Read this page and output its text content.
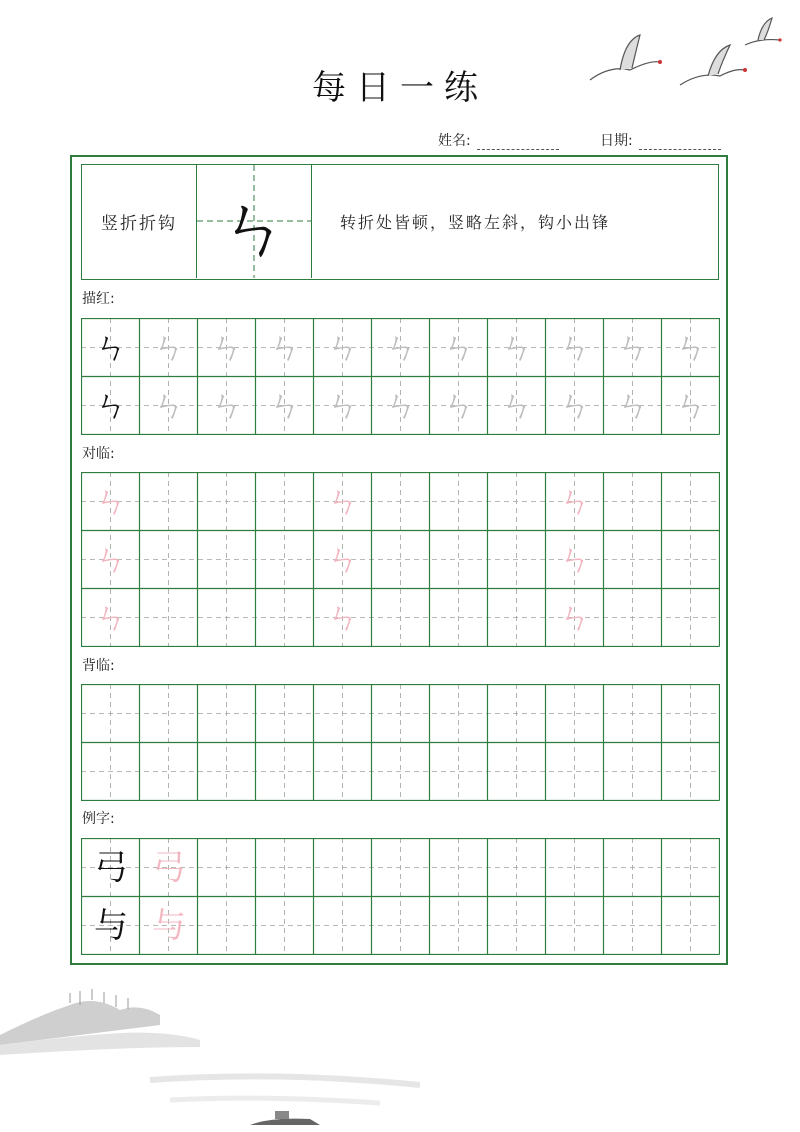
每日一练
姓名:	日期:
竖折折钩 ㄣ	转折处皆顿，竖略左斜，钩小出锋
描红:
ㄣ ㄣ ㄣ ㄣ ㄣ ㄣ ㄣ ㄣ ㄣ ㄣ ㄣ
ㄣ ㄣ ㄣ ㄣ ㄣ ㄣ ㄣ ㄣ ㄣ ㄣ ㄣ
对临:
ㄣ	ㄣ	ㄣ
ㄣ	ㄣ	ㄣ
ㄣ	ㄣ	ㄣ
背临:
例字:
弓 弓
与 与
